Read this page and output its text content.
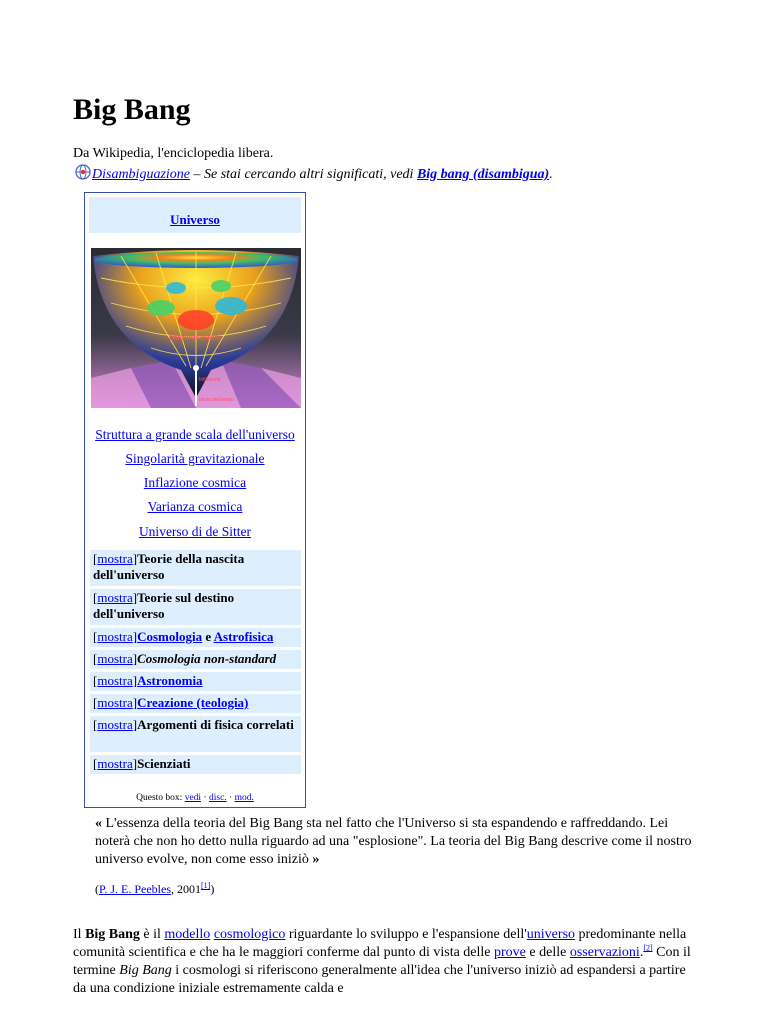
Big Bang
Da Wikipedia, l'enciclopedia libera.
Disambiguazione – Se stai cercando altri significati, vedi Big bang (disambigua).
Universo
Nucleosintesi
Inflazione
Inizio del tempo
Struttura a grande scala dell'universo
Singolarità gravitazionale
Inflazione cosmica
Varianza cosmica
Universo di de Sitter
[mostra]Teorie della nascita dell'universo
[mostra]Teorie sul destino dell'universo
[mostra]Cosmologia e Astrofisica
[mostra]Cosmologia non-standard
[mostra]Astronomia
[mostra]Creazione (teologia)
[mostra]Argomenti di fisica correlati
[mostra]Scienziati
Questo box: vedi · disc. · mod.
« L'essenza della teoria del Big Bang sta nel fatto che l'Universo si sta espandendo e raffreddando. Lei noterà che non ho detto nulla riguardo ad una "esplosione". La teoria del Big Bang descrive come il nostro universo evolve, non come esso iniziò »
(P. J. E. Peebles, 2001[1])
Il Big Bang è il modello cosmologico riguardante lo sviluppo e l'espansione dell'universo predominante nella comunità scientifica e che ha le maggiori conferme dal punto di vista delle prove e delle osservazioni.[2] Con il termine Big Bang i cosmologi si riferiscono generalmente all'idea che l'universo iniziò ad espandersi a partire da una condizione iniziale estremamente calda e
